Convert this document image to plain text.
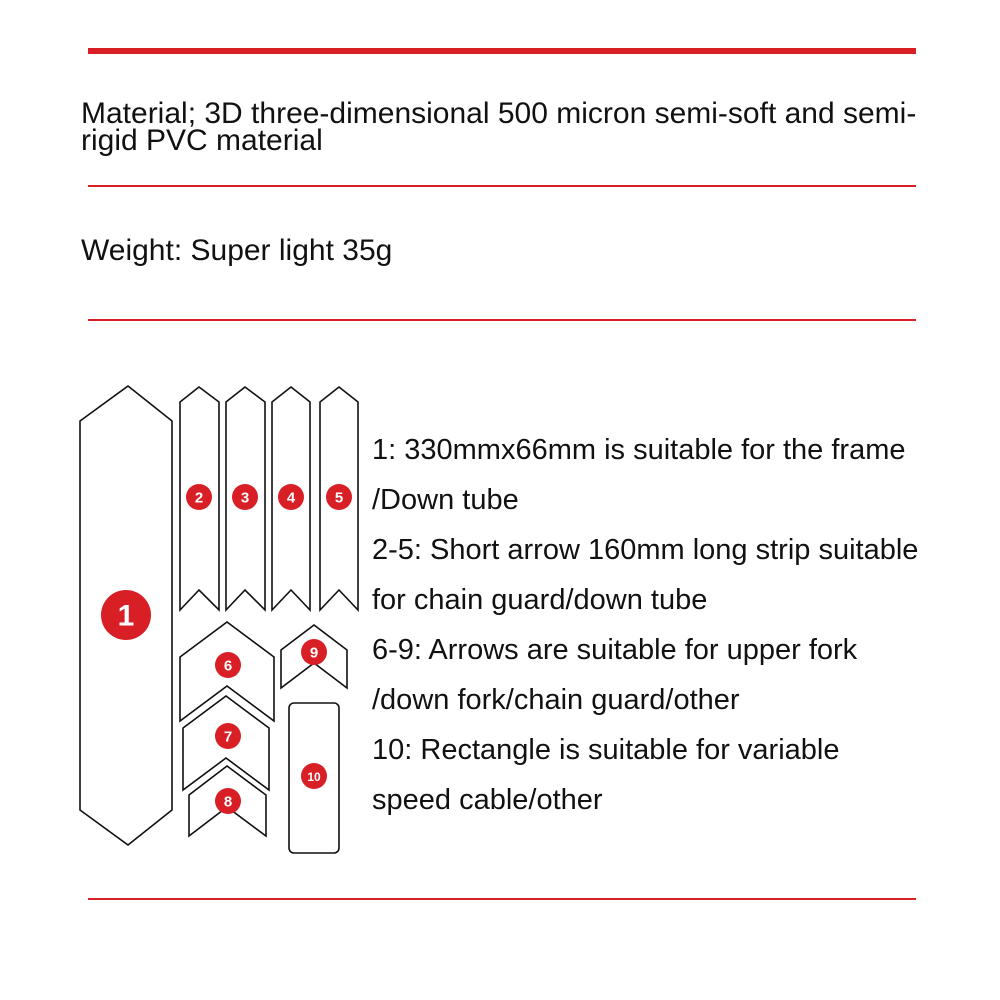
Material; 3D three-dimensional 500 micron semi-soft and semi-rigid PVC material

Weight: Super light 35g

1
2	3	4	5
6
7
8
9
10
1: 330mmx66mm is suitable for the frame
/Down tube
2-5: Short arrow 160mm long strip suitable
for chain guard/down tube
6-9: Arrows are suitable for upper fork
/down fork/chain guard/other
10: Rectangle is suitable for variable
speed cable/other
